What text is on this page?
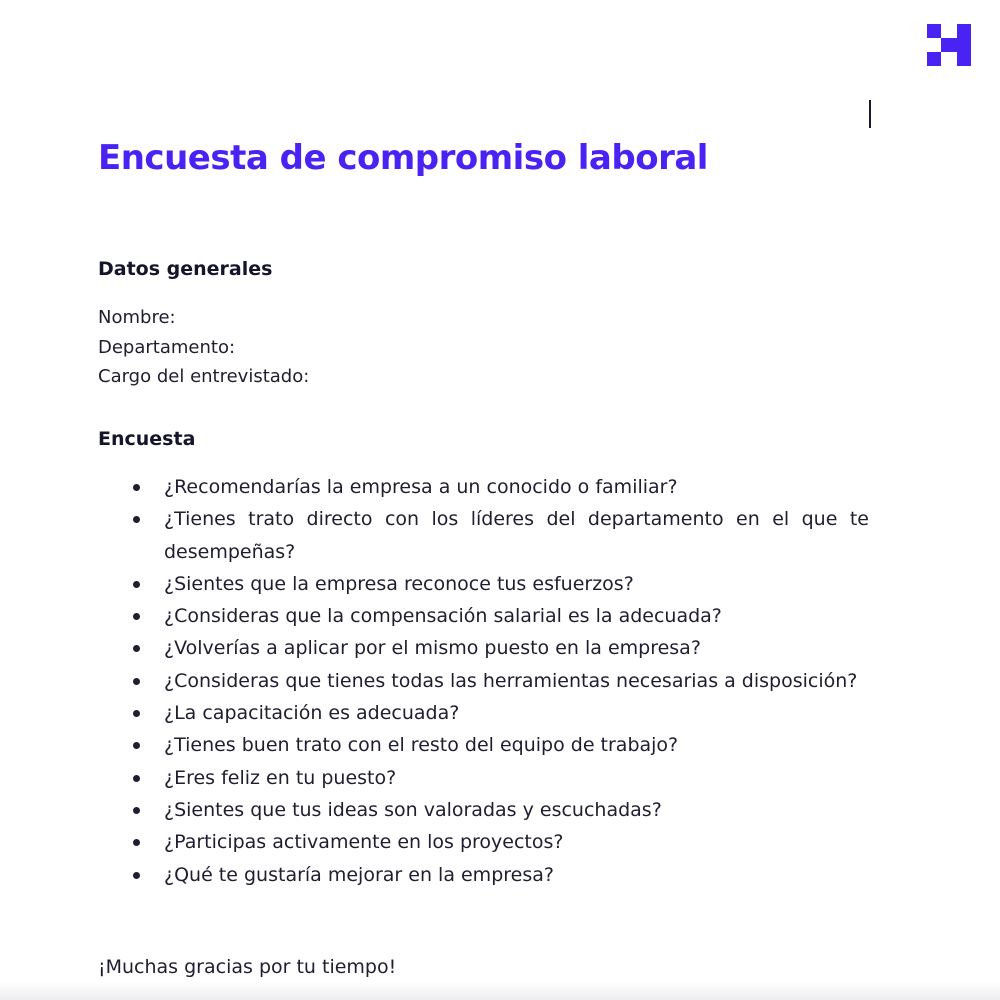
Encuesta de compromiso laboral
Datos generales
Nombre:
Departamento:
Cargo del entrevistado:
Encuesta
¿Recomendarías la empresa a un conocido o familiar?
¿Tienes trato directo con los líderes del departamento en el que te desempeñas?
¿Sientes que la empresa reconoce tus esfuerzos?
¿Consideras que la compensación salarial es la adecuada?
¿Volverías a aplicar por el mismo puesto en la empresa?
¿Consideras que tienes todas las herramientas necesarias a disposición?
¿La capacitación es adecuada?
¿Tienes buen trato con el resto del equipo de trabajo?
¿Eres feliz en tu puesto?
¿Sientes que tus ideas son valoradas y escuchadas?
¿Participas activamente en los proyectos?
¿Qué te gustaría mejorar en la empresa?

¡Muchas gracias por tu tiempo!
